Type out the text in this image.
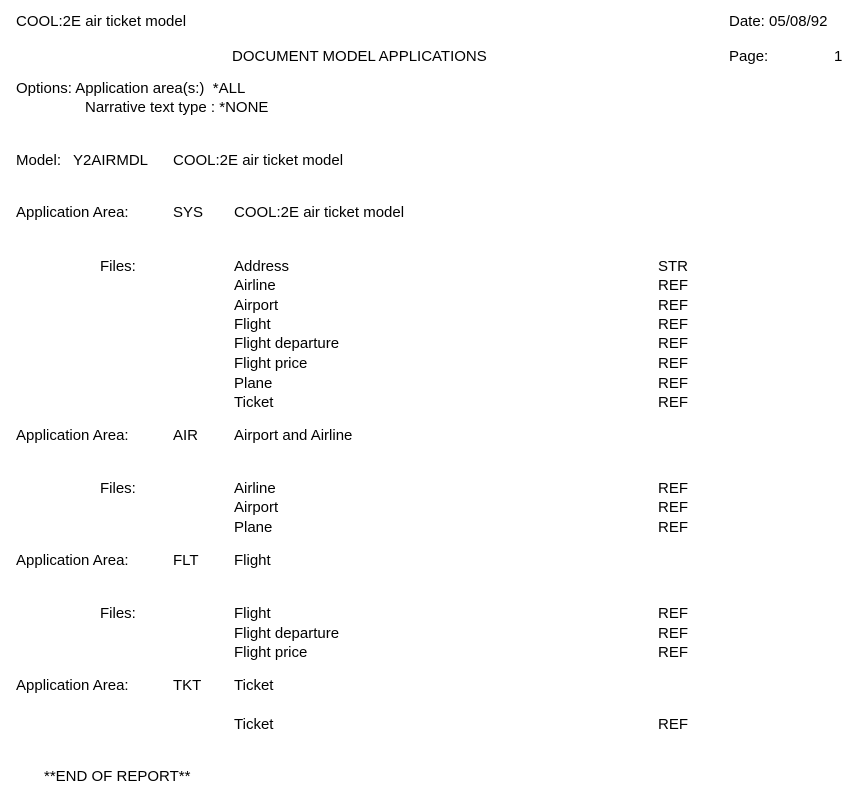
COOL:2E air ticket model	Date: 05/08/92
DOCUMENT MODEL APPLICATIONS	Page:	1
Options: Application area(s:) *ALL
Narrative text type : *NONE
Model: Y2AIRMDL COOL:2E air ticket model
Application Area:	SYS COOL:2E air ticket model
Files:	Address	STR
Airline	REF
Airport	REF
Flight	REF
Flight departure	REF
Flight price	REF
Plane	REF
Ticket	REF
Application Area:	AIR Airport and Airline
Files:	Airline	REF
Airport	REF
Plane	REF
Application Area:	FLT Flight
Files:	Flight	REF
Flight departure	REF
Flight price	REF
Application Area:	TKT Ticket
Ticket	REF
**END OF REPORT**
